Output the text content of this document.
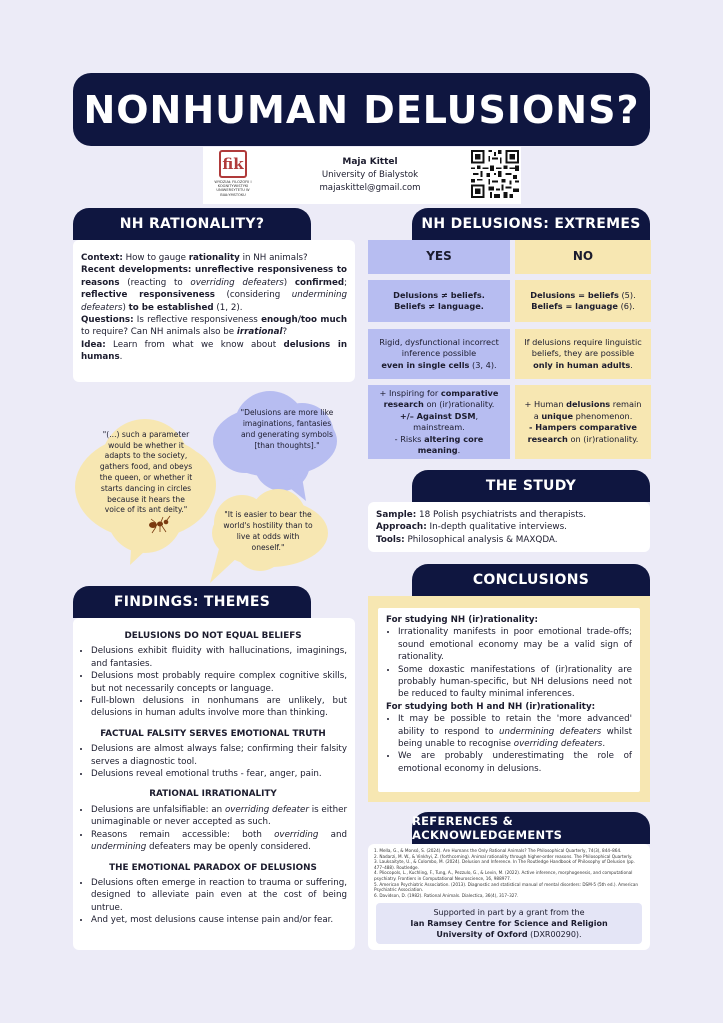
NONHUMAN DELUSIONS?
fik
WYDZIAŁ FILOZOFII I KOGNITYWISTYKI UNIWERSYTETU W BIAŁYMSTOKU
Maja Kittel
University of Bialystok
majaskittel@gmail.com
NH RATIONALITY?

Context: How to gauge rationality in NH animals?

Recent developments: unreflective responsiveness to reasons (reacting to overriding defeaters) confirmed; reflective responsiveness (considering undermining defeaters) to be established (1, 2).

Questions: Is reflective responsiveness enough/too much to require? Can NH animals also be irrational?

Idea: Learn from what we know about delusions in humans.

"Delusions are more like imaginations, fantasies and generating symbols [than thoughts]."
"(...) such a parameter would be whether it adapts to the society, gathers food, and obeys the queen, or whether it starts dancing in circles because it hears the voice of its ant deity."
"It is easier to bear the world's hostility than to live at odds with oneself."
FINDINGS: THEMES
DELUSIONS DO NOT EQUAL BELIEFS
• Delusions exhibit fluidity with hallucinations, imaginings, and fantasies.
• Delusions most probably require complex cognitive skills, but not necessarily concepts or language.
• Full-blown delusions in nonhumans are unlikely, but delusions in human adults involve more than thinking.
FACTUAL FALSITY SERVES EMOTIONAL TRUTH
• Delusions are almost always false; confirming their falsity serves a diagnostic tool.
• Delusions reveal emotional truths - fear, anger, pain.
RATIONAL IRRATIONALITY
• Delusions are unfalsifiable: an overriding defeater is either unimaginable or never accepted as such.
• Reasons remain accessible: both overriding and undermining defeaters may be openly considered.
THE EMOTIONAL PARADOX OF DELUSIONS
• Delusions often emerge in reaction to trauma or suffering, designed to alleviate pain even at the cost of being untrue.
• And yet, most delusions cause intense pain and/or fear.
NH DELUSIONS: EXTREMES
YES	NO
Delusions ≠ beliefs.
Beliefs ≠ language.
Delusions = beliefs (5).
Beliefs = language (6).
Rigid, dysfunctional incorrect inference possible
even in single cells (3, 4).
If delusions require linguistic beliefs, they are possible only in human adults.
+ Inspiring for comparative research on (ir)rationality.
+/– Against DSM, mainstream.
- Risks altering core meaning.
+ Human delusions remain a unique phenomenon.
- Hampers comparative research on (ir)rationality.
THE STUDY

Sample: 18 Polish psychiatrists and therapists.

Approach: In-depth qualitative interviews.

Tools: Philosophical analysis & MAXQDA.

CONCLUSIONS

For studying NH (ir)rationality:

• Irrationality manifests in poor emotional trade-offs; sound emotional economy may be a valid sign of rationality.
• Some doxastic manifestations of (ir)rationality are probably human-specific, but NH delusions need not be reduced to faulty minimal inferences.

For studying both H and NH (ir)rationality:

• It may be possible to retain the 'more advanced' ability to respond to undermining defeaters whilst being unable to recognise overriding defeaters.
• We are probably underestimating the role of emotional economy in delusions.
REFERENCES & ACKNOWLEDGEMENTS
1. Mella, G., & Monsó, S. (2024). Are Humans the Only Rational Animals? The Philosophical Quarterly, 74(3), 844–864.
2. Nadarzi, M. W., & Vinkhyi, Z. (forthcoming). Animal rationality through higher-order reasons. The Philosophical Quarterly.
3. Lauksaityte, U., & Colombo, M. (2024). Delusion and Inference. In The Routledge Handbook of Philosophy of Delusion (pp. 477–488). Routledge.
4. Pliocopols, L., Kuchling, F., Tung, A., Pezzulo, G., & Levin, M. (2022). Active inference, morphogenesis, and computational psychiatry. Frontiers in Computational Neuroscience, 16, 988977.
5. American Psychiatric Association. (2013). Diagnostic and statistical manual of mental disorders: DSM-5 (5th ed.). American Psychiatric Association.
6. Davidson, D. (1982). Rational Animals. Dialectica, 36(4), 317–327.
Supported in part by a grant from the
Ian Ramsey Centre for Science and Religion
University of Oxford (DXR00290).
